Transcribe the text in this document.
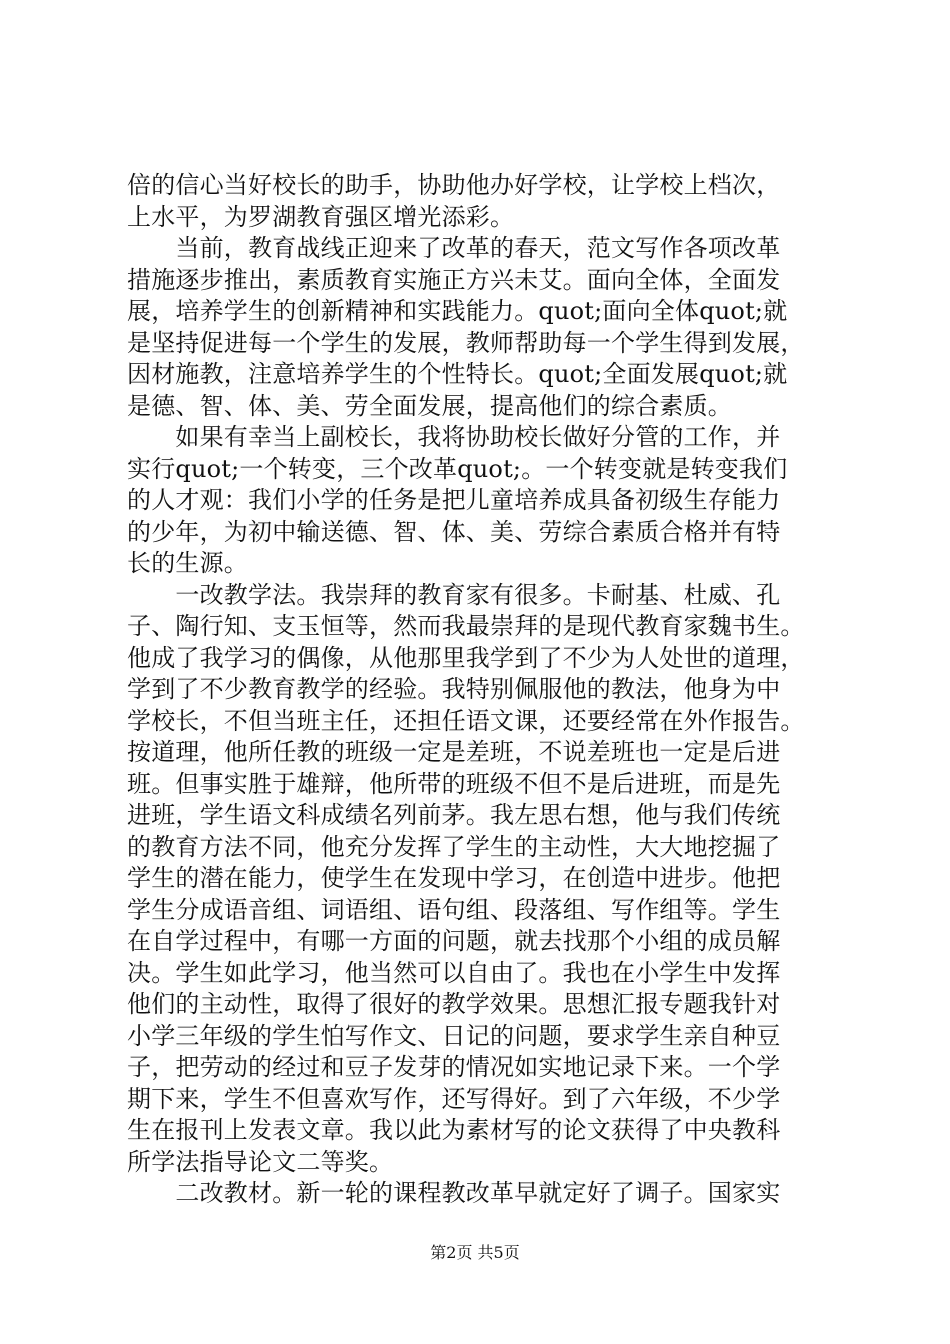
倍的信心当好校长的助手，协助他办好学校，让学校上档次，
上水平，为罗湖教育强区增光添彩。
　　当前，教育战线正迎来了改革的春天，范文写作各项改革
措施逐步推出，素质教育实施正方兴未艾。面向全体，全面发
展，培养学生的创新精神和实践能力。quot;面向全体quot;就
是坚持促进每一个学生的发展，教师帮助每一个学生得到发展，
因材施教，注意培养学生的个性特长。quot;全面发展quot;就
是德、智、体、美、劳全面发展，提高他们的综合素质。
　　如果有幸当上副校长，我将协助校长做好分管的工作，并
实行quot;一个转变，三个改革quot;。一个转变就是转变我们
的人才观：我们小学的任务是把儿童培养成具备初级生存能力
的少年，为初中输送德、智、体、美、劳综合素质合格并有特
长的生源。
　　一改教学法。我崇拜的教育家有很多。卡耐基、杜威、孔
子、陶行知、支玉恒等，然而我最崇拜的是现代教育家魏书生。
他成了我学习的偶像，从他那里我学到了不少为人处世的道理，
学到了不少教育教学的经验。我特别佩服他的教法，他身为中
学校长，不但当班主任，还担任语文课，还要经常在外作报告。
按道理，他所任教的班级一定是差班，不说差班也一定是后进
班。但事实胜于雄辩，他所带的班级不但不是后进班，而是先
进班，学生语文科成绩名列前茅。我左思右想，他与我们传统
的教育方法不同，他充分发挥了学生的主动性，大大地挖掘了
学生的潜在能力，使学生在发现中学习，在创造中进步。他把
学生分成语音组、词语组、语句组、段落组、写作组等。学生
在自学过程中，有哪一方面的问题，就去找那个小组的成员解
决。学生如此学习，他当然可以自由了。我也在小学生中发挥
他们的主动性，取得了很好的教学效果。思想汇报专题我针对
小学三年级的学生怕写作文、日记的问题，要求学生亲自种豆
子，把劳动的经过和豆子发芽的情况如实地记录下来。一个学
期下来，学生不但喜欢写作，还写得好。到了六年级，不少学
生在报刊上发表文章。我以此为素材写的论文获得了中央教科
所学法指导论文二等奖。
　　二改教材。新一轮的课程教改革早就定好了调子。国家实
第2页 共5页
